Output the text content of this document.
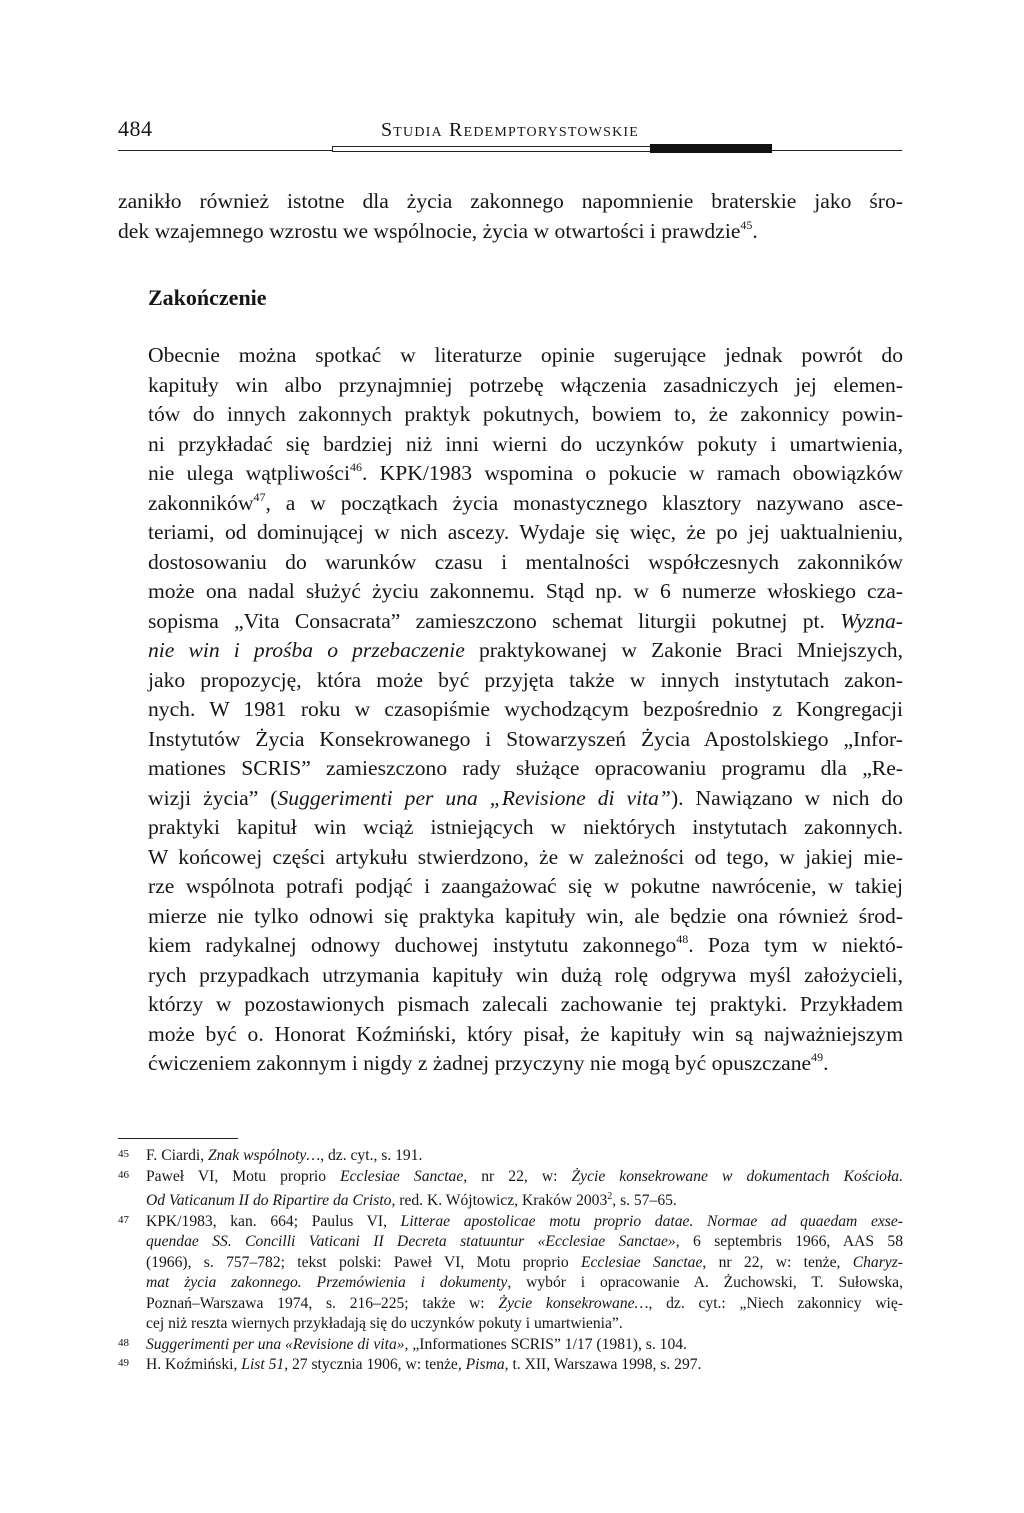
484	Studia Redemptorystowskie

zanikło również istotne dla życia zakonnego napomnienie braterskie jako śro-
dek wzajemnego wzrostu we wspólnocie, życia w otwartości i prawdzie$^{45}$.

Zakończenie

Obecnie można spotkać w literaturze opinie sugerujące jednak powrót do
kapituły win albo przynajmniej potrzebę włączenia zasadniczych jej elemen-
tów do innych zakonnych praktyk pokutnych, bowiem to, że zakonnicy powin-
ni przykładać się bardziej niż inni wierni do uczynków pokuty i umartwienia,
nie ulega wątpliwości$^{46}$. KPK/1983 wspomina o pokucie w ramach obowiązków
zakonników$^{47}$, a w początkach życia monastycznego klasztory nazywano asce-
teriami, od dominującej w nich ascezy. Wydaje się więc, że po jej uaktualnieniu,
dostosowaniu do warunków czasu i mentalności współczesnych zakonników
może ona nadal służyć życiu zakonnemu. Stąd np. w 6 numerze włoskiego cza-
sopisma „Vita Consacrata” zamieszczono schemat liturgii pokutnej pt. Wyzna-
nie win i prośba o przebaczenie praktykowanej w Zakonie Braci Mniejszych,
jako propozycję, która może być przyjęta także w innych instytutach zakon-
nych. W 1981 roku w czasopiśmie wychodzącym bezpośrednio z Kongregacji
Instytutów Życia Konsekrowanego i Stowarzyszeń Życia Apostolskiego „Infor-
mationes SCRIS” zamieszczono rady służące opracowaniu programu dla „Re-
wizji życia” (Suggerimenti per una „Revisione di vita”). Nawiązano w nich do
praktyki kapituł win wciąż istniejących w niektórych instytutach zakonnych.
W końcowej części artykułu stwierdzono, że w zależności od tego, w jakiej mie-
rze wspólnota potrafi podjąć i zaangażować się w pokutne nawrócenie, w takiej
mierze nie tylko odnowi się praktyka kapituły win, ale będzie ona również środ-
kiem radykalnej odnowy duchowej instytutu zakonnego$^{48}$. Poza tym w niektó-
rych przypadkach utrzymania kapituły win dużą rolę odgrywa myśl założycieli,
którzy w pozostawionych pismach zalecali zachowanie tej praktyki. Przykładem
może być o. Honorat Koźmiński, który pisał, że kapituły win są najważniejszym
ćwiczeniem zakonnym i nigdy z żadnej przyczyny nie mogą być opuszczane$^{49}$.

45 F. Ciardi, Znak wspólnoty…, dz. cyt., s. 191.
46 Paweł VI, Motu proprio Ecclesiae Sanctae, nr 22, w: Życie konsekrowane w dokumentach Kościoła.
Od Vaticanum II do Ripartire da Cristo, red. K. Wójtowicz, Kraków 2003$^2$, s. 57–65.
47 KPK/1983, kan. 664; Paulus VI, Litterae apostolicae motu proprio datae. Normae ad quaedam exse-
quendae SS. Concilli Vaticani II Decreta statuuntur «Ecclesiae Sanctae», 6 septembris 1966, AAS 58
(1966), s. 757–782; tekst polski: Paweł VI, Motu proprio Ecclesiae Sanctae, nr 22, w: tenże, Charyz-
mat życia zakonnego. Przemówienia i dokumenty, wybór i opracowanie A. Żuchowski, T. Sułowska,
Poznań–Warszawa 1974, s. 216–225; także w: Życie konsekrowane…, dz. cyt.: „Niech zakonnicy wię-
cej niż reszta wiernych przykładają się do uczynków pokuty i umartwienia”.
48 Suggerimenti per una «Revisione di vita», „Informationes SCRIS” 1/17 (1981), s. 104.
49 H. Koźmiński, List 51, 27 stycznia 1906, w: tenże, Pisma, t. XII, Warszawa 1998, s. 297.
